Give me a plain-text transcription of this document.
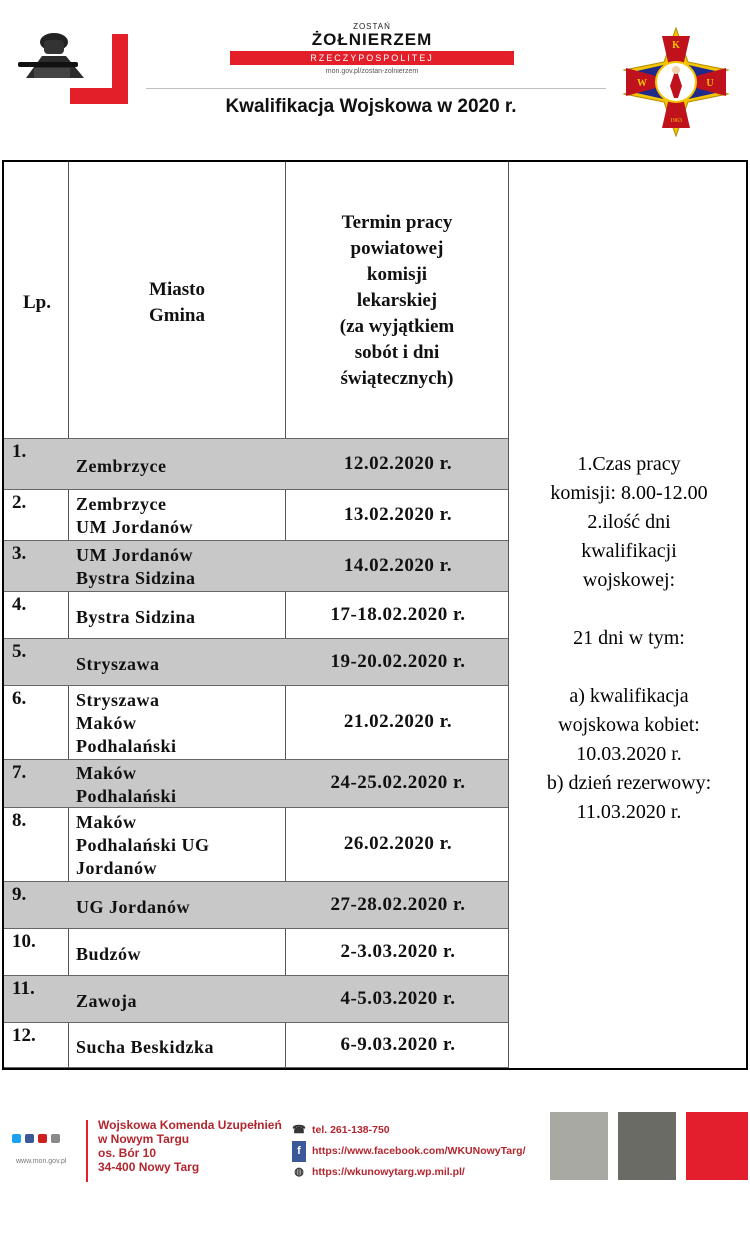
ZOSTAŃ
ŻOŁNIERZEM
RZECZYPOSPOLITEJ
mon.gov.pl/zostan-zolnierzem
Kwalifikacja Wojskowa w 2020 r.
K
W	U
1963
Lp.
Miasto
Gmina
Termin pracy
powiatowej
komisji
lekarskiej
(za wyjątkiem
sobót i dni
świątecznych)
1.
Zembrzyce	12.02.2020 r.
2.	Zembrzyce
UM Jordanów
13.02.2020 r.
3.	UM Jordanów
Bystra Sidzina
14.02.2020 r.
4.
Bystra Sidzina	17-18.02.2020 r.
5.
Stryszawa	19-20.02.2020 r.
6.	Stryszawa
Maków
Podhalański
21.02.2020 r.
7.	Maków
Podhalański
24-25.02.2020 r.
8.	Maków
Podhalański UG
Jordanów
26.02.2020 r.
9.
UG Jordanów	27-28.02.2020 r.
10.
Budzów	2-3.03.2020 r.
11.
Zawoja	4-5.03.2020 r.
12.
Sucha Beskidzka	6-9.03.2020 r.
1.Czas pracy
komisji: 8.00-12.00
2.ilość dni
kwalifikacji
wojskowej:
21 dni w tym:
a) kwalifikacja
wojskowa kobiet:
10.03.2020 r.
b) dzień rezerwowy:
11.03.2020 r.
www.mon.gov.pl
Wojskowa Komenda Uzupełnień
w Nowym Targu
os. Bór 10
34-400 Nowy Targ
☎ tel. 261-138-750
f https://www.facebook.com/WKUNowyTarg/
◍ https://wkunowytarg.wp.mil.pl/
